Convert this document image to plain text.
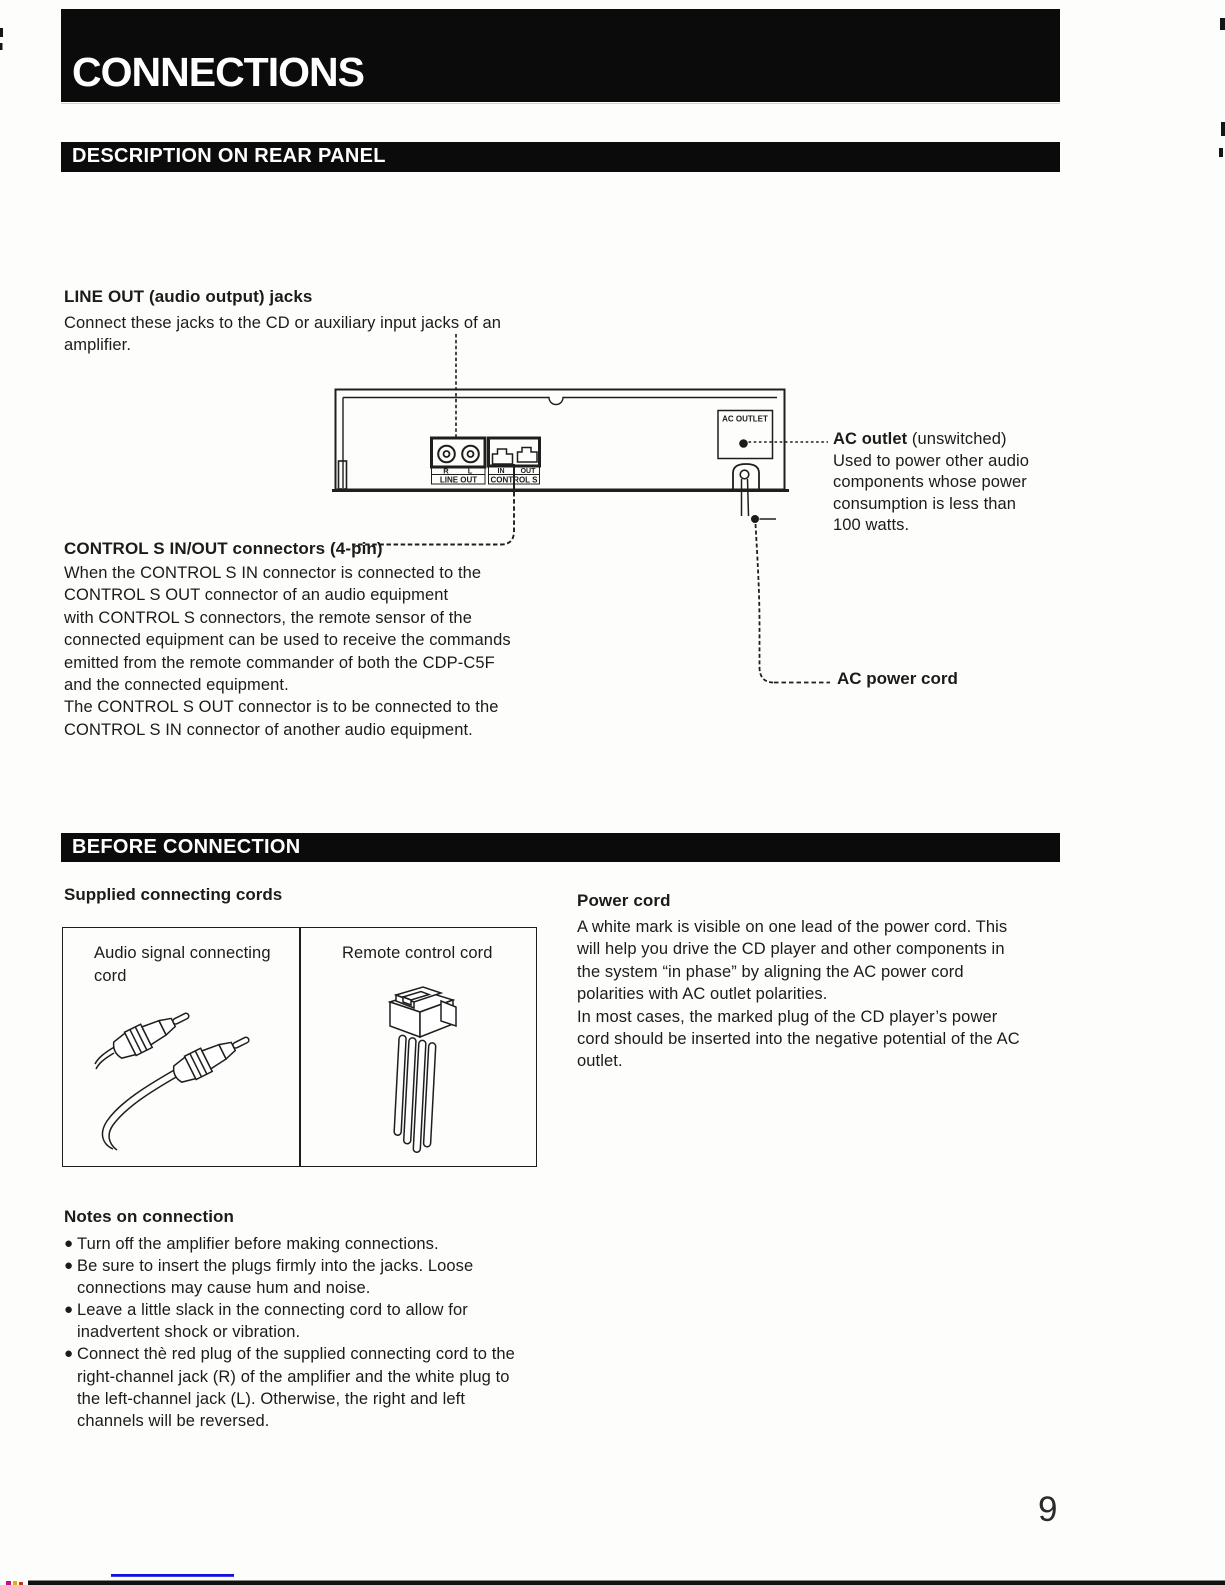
CONNECTIONS
DESCRIPTION ON REAR PANEL
BEFORE CONNECTION
LINE OUT (audio output) jacks
Connect these jacks to the CD or auxiliary input jacks of an
amplifier.
CONTROL S IN/OUT connectors (4-pin)
When the CONTROL S IN connector is connected to the
CONTROL S OUT connector of an audio equipment
with CONTROL S connectors, the remote sensor of the
connected equipment can be used to receive the commands
emitted from the remote commander of both the CDP-C5F
and the connected equipment.
The CONTROL S OUT connector is to be connected to the
CONTROL S IN connector of another audio equipment.
AC outlet (unswitched)
Used to power other audio
components whose power
consumption is less than
100 watts.
AC power cord
Supplied connecting cords
Audio signal connecting
cord
Remote control cord
Power cord
A white mark is visible on one lead of the power cord. This
will help you drive the CD player and other components in
the system “in phase” by aligning the AC power cord
polarities with AC outlet polarities.
In most cases, the marked plug of the CD player’s power
cord should be inserted into the negative potential of the AC
outlet.
Notes on connection
● Turn off the amplifier before making connections.
● Be sure to insert the plugs firmly into the jacks. Loose
connections may cause hum and noise.
● Leave a little slack in the connecting cord to allow for
inadvertent shock or vibration.
● Connect thè red plug of the supplied connecting cord to the
right-channel jack (R) of the amplifier and the white plug to
the left-channel jack (L). Otherwise, the right and left
channels will be reversed.
9
R	L
LINE OUT
IN OUT
CONTROL S
AC OUTLET
